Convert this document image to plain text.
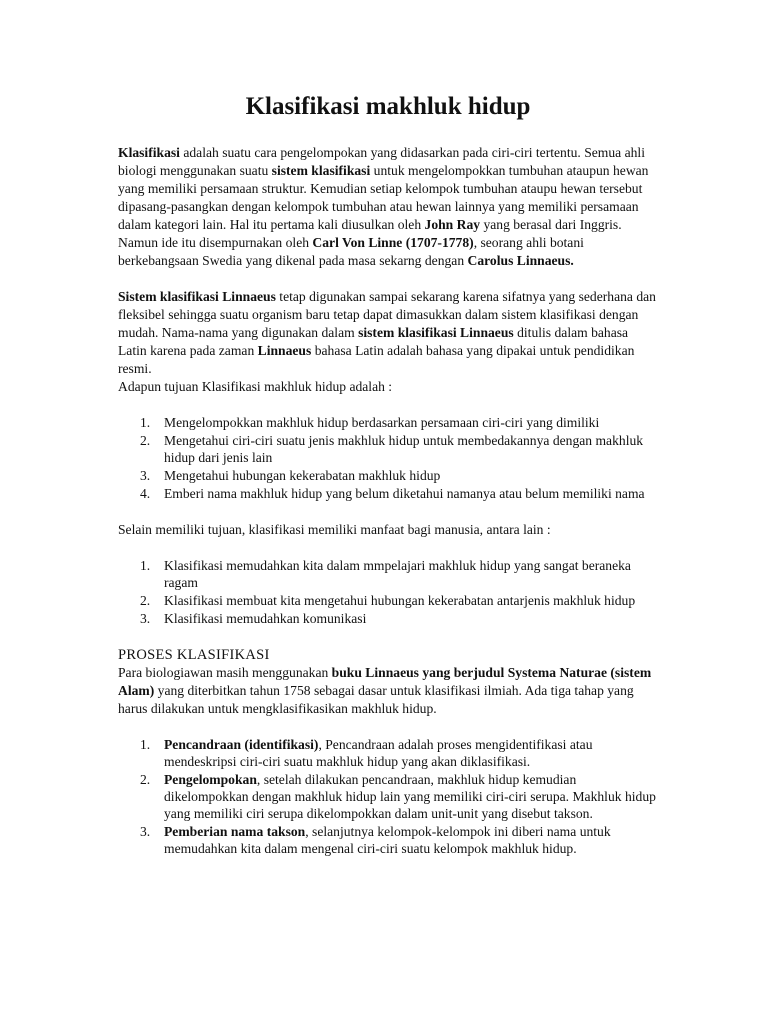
Klasifikasi makhluk hidup

Klasifikasi adalah suatu cara pengelompokan yang didasarkan pada ciri-ciri tertentu. Semua ahli biologi menggunakan suatu sistem klasifikasi untuk mengelompokkan tumbuhan ataupun hewan yang memiliki persamaan struktur. Kemudian setiap kelompok tumbuhan ataupu hewan tersebut dipasang-pasangkan dengan kelompok tumbuhan atau hewan lainnya yang memiliki persamaan dalam kategori lain. Hal itu pertama kali diusulkan oleh John Ray yang berasal dari Inggris. Namun ide itu disempurnakan oleh Carl Von Linne (1707-1778), seorang ahli botani berkebangsaan Swedia yang dikenal pada masa sekarng dengan Carolus Linnaeus.

Sistem klasifikasi Linnaeus tetap digunakan sampai sekarang karena sifatnya yang sederhana dan fleksibel sehingga suatu organism baru tetap dapat dimasukkan dalam sistem klasifikasi dengan mudah. Nama-nama yang digunakan dalam sistem klasifikasi Linnaeus ditulis dalam bahasa Latin karena pada zaman Linnaeus bahasa Latin adalah bahasa yang dipakai untuk pendidikan resmi.

Adapun tujuan Klasifikasi makhluk hidup adalah :

1. Mengelompokkan makhluk hidup berdasarkan persamaan ciri-ciri yang dimiliki
2. Mengetahui ciri-ciri suatu jenis makhluk hidup untuk membedakannya dengan makhluk hidup dari jenis lain
3. Mengetahui hubungan kekerabatan makhluk hidup
4. Emberi nama makhluk hidup yang belum diketahui namanya atau belum memiliki nama

Selain memiliki tujuan, klasifikasi memiliki manfaat bagi manusia, antara lain :

1. Klasifikasi memudahkan kita dalam mmpelajari makhluk hidup yang sangat beraneka ragam
2. Klasifikasi membuat kita mengetahui hubungan kekerabatan antarjenis makhluk hidup
3. Klasifikasi memudahkan komunikasi
PROSES KLASIFIKASI

Para biologiawan masih menggunakan buku Linnaeus yang berjudul Systema Naturae (sistem Alam) yang diterbitkan tahun 1758 sebagai dasar untuk klasifikasi ilmiah. Ada tiga tahap yang harus dilakukan untuk mengklasifikasikan makhluk hidup.

1. Pencandraan (identifikasi), Pencandraan adalah proses mengidentifikasi atau mendeskripsi ciri-ciri suatu makhluk hidup yang akan diklasifikasi.
2. Pengelompokan, setelah dilakukan pencandraan, makhluk hidup kemudian dikelompokkan dengan makhluk hidup lain yang memiliki ciri-ciri serupa. Makhluk hidup yang memiliki ciri serupa dikelompokkan dalam unit-unit yang disebut takson.
3. Pemberian nama takson, selanjutnya kelompok-kelompok ini diberi nama untuk memudahkan kita dalam mengenal ciri-ciri suatu kelompok makhluk hidup.
